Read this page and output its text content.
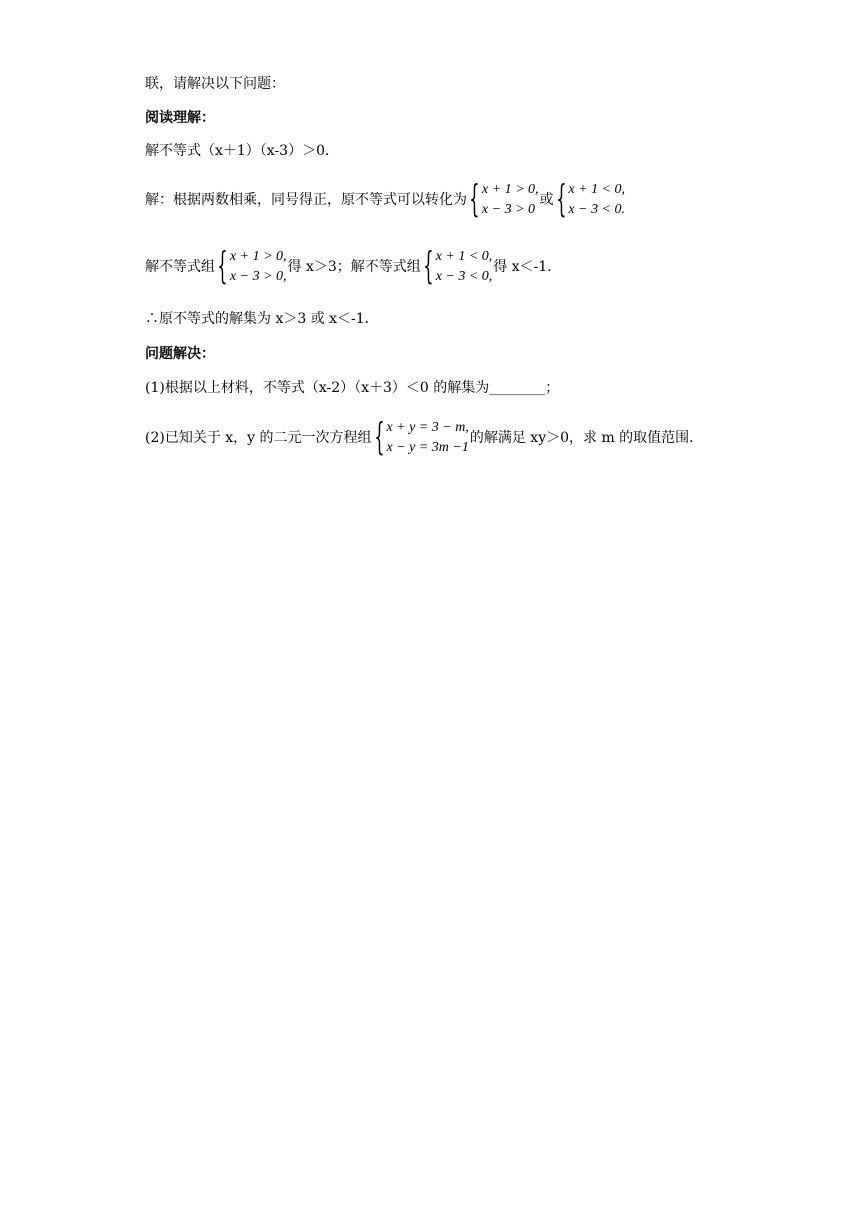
联，请解决以下问题：
阅读理解：
解不等式（x＋1）（x-3）＞0．
解：根据两数相乘，同号得正，原不等式可以转化为 { x + 1 > 0,
x − 3 > 0
或 { x + 1 < 0,
x − 3 < 0.
解不等式组 { x + 1 > 0,
x − 3 > 0,
得 x＞3；解不等式组 { x + 1 < 0,
x − 3 < 0,
得 x＜-1．
∴原不等式的解集为 x＞3 或 x＜-1．
问题解决：
(1)根据以上材料，不等式（x-2）（x＋3）＜0 的解集为________；
(2)已知关于 x，y 的二元一次方程组 { x + y = 3 − m,
x − y = 3m −1
的解满足 xy＞0，求 m 的取值范围．
